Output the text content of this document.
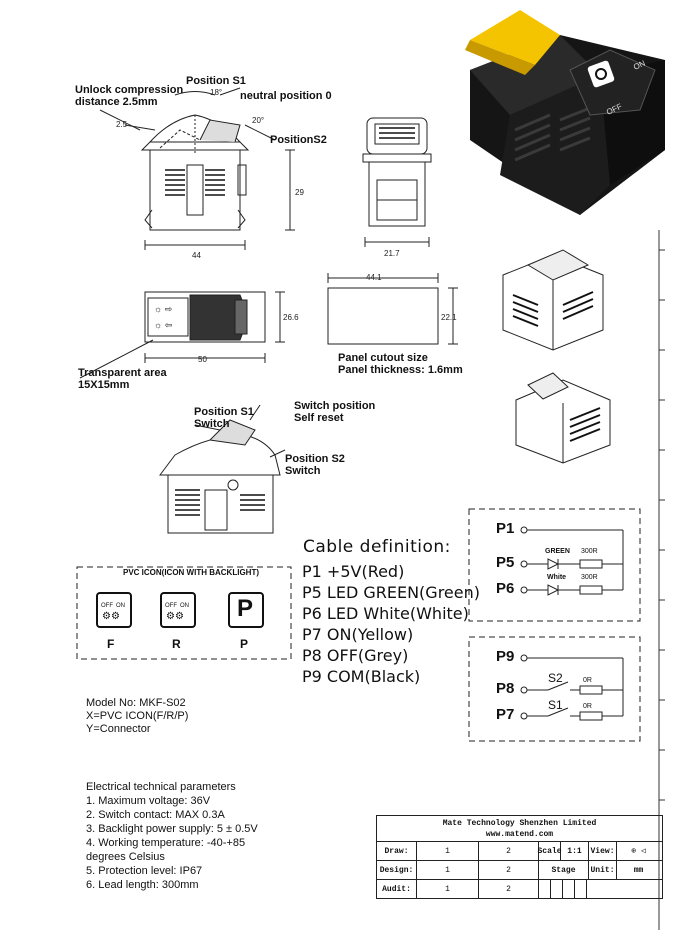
Unlock compression
distance 2.5mm
Position S1
neutral position 0
PositionS2
18°
20°
2.5
44
29
21.7
OFF
ON
☼ ⇨
☼ ⇦
26.6
50
Transparent area
15X15mm
44.1
22.1
Panel cutout size
Panel thickness: 1.6mm
Position S1
Switch
Switch position
Self reset
Position S2
Switch
PVC ICON(ICON WITH BACKLIGHT)
OFF ON
⚙⚙
F
OFF ON
⚙⚙
R
P
P
Cable definition:
P1 +5V(Red)
P5 LED GREEN(Green)
P6 LED White(White)
P7 ON(Yellow)
P8 OFF(Grey)
P9 COM(Black)
P1
P5
P6
GREEN
White
300R
300R
P9
P8
P7
S2
S1
0R
0R
Model No: MKF-S02
X=PVC ICON(F/R/P)
Y=Connector
Electrical technical parameters
1. Maximum voltage: 36V
2. Switch contact: MAX 0.3A
3. Backlight power supply: 5 ± 0.5V
4. Working temperature: -40-+85
degrees Celsius
5. Protection level: IP67
6. Lead length: 300mm
Mate Technology Shenzhen Limited
www.matend.com
Draw:	1	2	Scale 1:1	View:	⊕ ◁
Design:	1	2	Stage	Unit:	mm
Audit:	1	2
